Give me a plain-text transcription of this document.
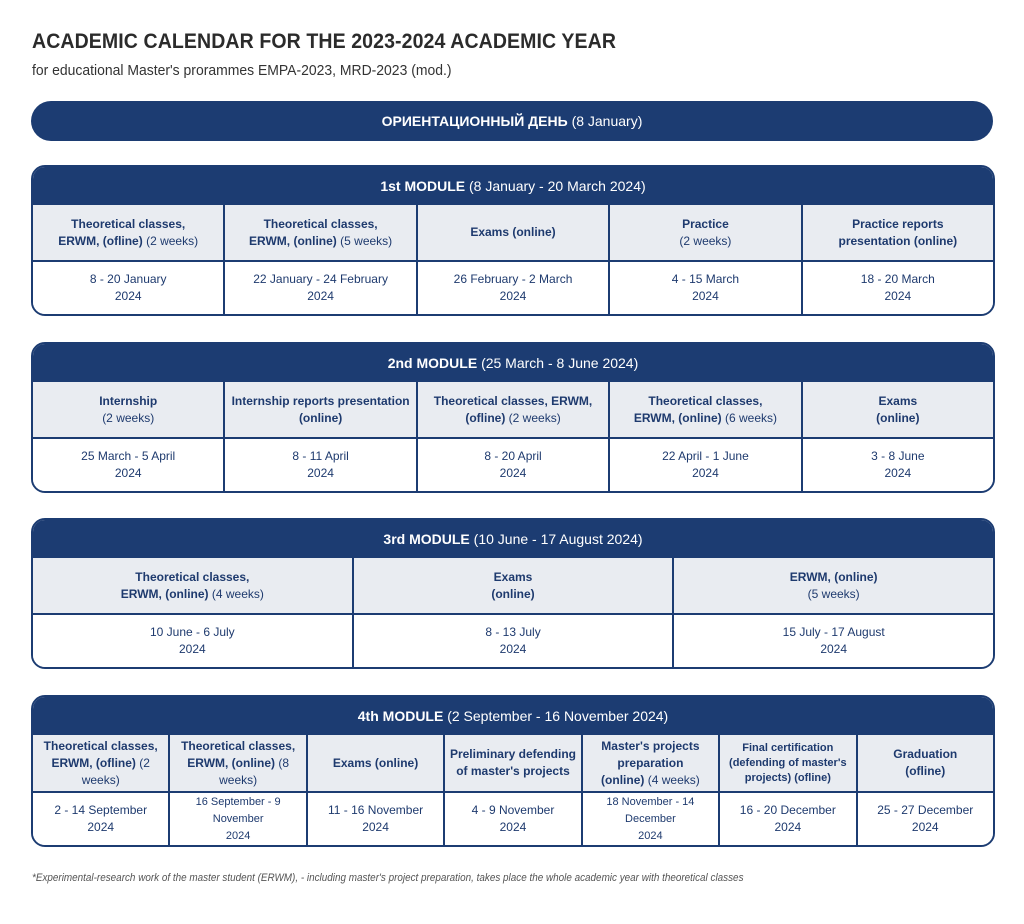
ACADEMIC CALENDAR FOR THE 2023-2024 ACADEMIC YEAR
for educational Master's prorammes EMPA-2023, MRD-2023 (mod.)
ОРИЕНТАЦИОННЫЙ ДЕНЬ
(8 January)
1st MODULE
(8 January - 20 March 2024)
Theoretical classes,
ERWM, (ofline) (2 weeks)
Theoretical classes,
ERWM, (online) (5 weeks)
Exams (online)
Practice
(2 weeks)
Practice reports
presentation (online)
8 - 20 January
2024
22 January - 24 February
2024
26 February - 2 March
2024
4 - 15 March
2024
18 - 20 March
2024
2nd MODULE
(25 March - 8 June 2024)
Internship
(2 weeks)
Internship reports presentation
(online)
Theoretical classes, ERWM,
(ofline) (2 weeks)
Theoretical classes,
ERWM, (online) (6 weeks)
Exams
(online)
25 March - 5 April
2024
8 - 11 April
2024
8 - 20 April
2024
22 April - 1 June
2024
3 - 8 June
2024
3rd MODULE
(10 June - 17 August 2024)
Theoretical classes,
ERWM, (online) (4 weeks)
Exams
(online)
ERWM, (online)
(5 weeks)
10 June - 6 July
2024
8 - 13 July
2024
15 July - 17 August
2024
4th MODULE
(2 September - 16 November 2024)
Theoretical classes,
ERWM, (ofline) (2 weeks)
Theoretical classes,
ERWM, (online) (8 weeks)
Exams (online)
Preliminary defending
of master's projects
Master's projects preparation
(online) (4 weeks)
Final certification
(defending of master's
projects) (ofline)
Graduation
(ofline)
2 - 14 September
2024
16 September - 9 November
2024
11 - 16 November
2024
4 - 9 November
2024
18 November - 14 December
2024
16 - 20 December
2024
25 - 27 December
2024
*Experimental-research work of the master student (ERWM), - including master's project preparation, takes place the whole academic year with theoretical classes
